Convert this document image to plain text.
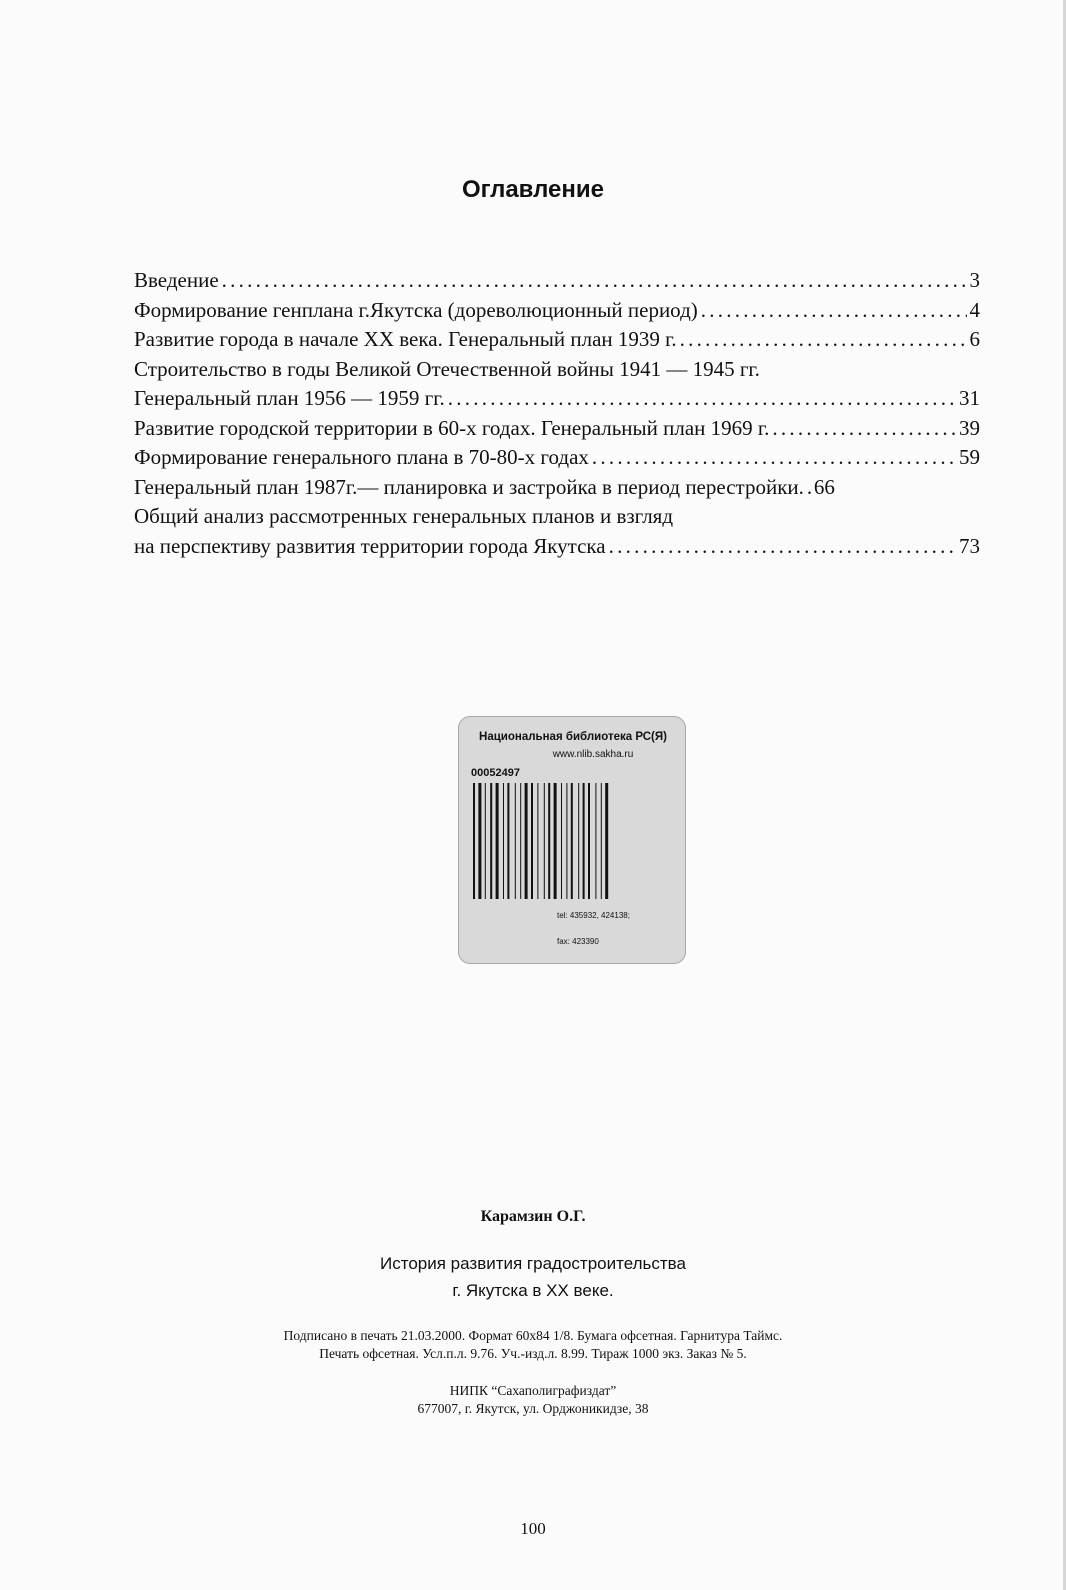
Оглавление
Введение . . .	3
Формирование генплана г.Якутска (дореволюционный период) . . .	4
Развитие города в начале XX века. Генеральный план 1939 г. . . .	6
Строительство в годы Великой Отечественной войны 1941 — 1945 гг.
Генеральный план 1956 — 1959 гг. . . .	31
Развитие городской территории в 60-х годах. Генеральный план 1969 г. . . .	39
Формирование генерального плана в 70-80-х годах . . .	59
Генеральный план 1987г.— планировка и застройка в период перестройки. . . . 66
Общий анализ рассмотренных генеральных планов и взгляд
на перспективу развития территории города Якутска . . .	73
Национальная библиотека РС(Я)
www.nlib.sakha.ru
00052497
tel: 435932, 424138;
fax: 423390
Карамзин О.Г.
История развития градостроительства
г. Якутска в XX веке.
Подписано в печать 21.03.2000. Формат 60x84 1/8. Бумага офсетная. Гарнитура Таймс.
Печать офсетная. Усл.п.л. 9.76. Уч.-изд.л. 8.99. Тираж 1000 экз. Заказ № 5.
НИПК “Сахаполиграфиздат”
677007, г. Якутск, ул. Орджоникидзе, 38
100
